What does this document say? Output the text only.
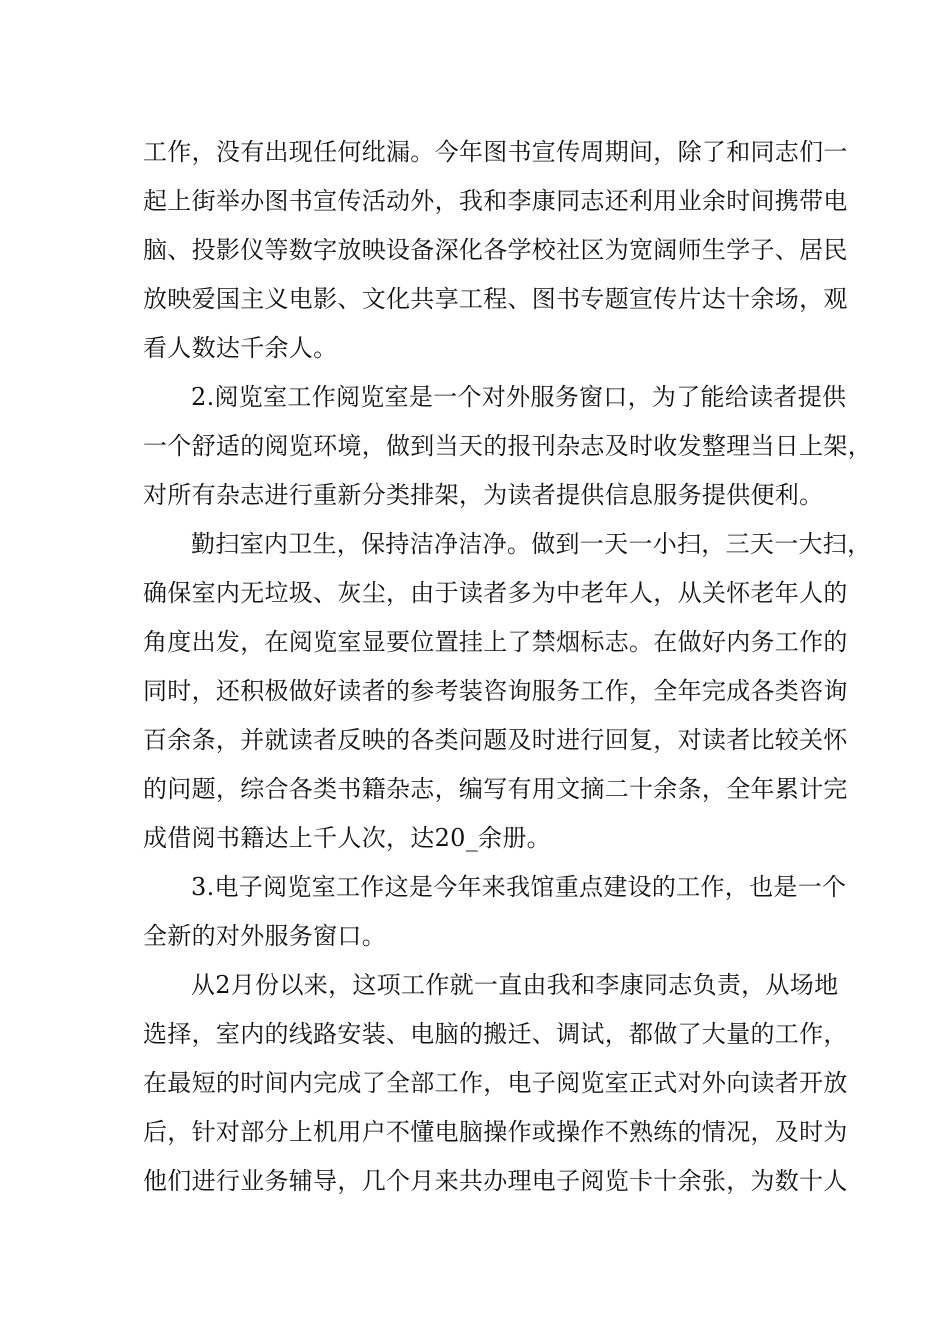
工作，没有出现任何纰漏。今年图书宣传周期间，除了和同志们一
起上街举办图书宣传活动外，我和李康同志还利用业余时间携带电
脑、投影仪等数字放映设备深化各学校社区为宽阔师生学子、居民
放映爱国主义电影、文化共享工程、图书专题宣传片达十余场，观
看人数达千余人。
2.阅览室工作阅览室是一个对外服务窗口，为了能给读者提供
一个舒适的阅览环境，做到当天的报刊杂志及时收发整理当日上架，
对所有杂志进行重新分类排架，为读者提供信息服务提供便利。
勤扫室内卫生，保持洁净洁净。做到一天一小扫，三天一大扫，
确保室内无垃圾、灰尘，由于读者多为中老年人，从关怀老年人的
角度出发，在阅览室显要位置挂上了禁烟标志。在做好内务工作的
同时，还积极做好读者的参考装咨询服务工作，全年完成各类咨询
百余条，并就读者反映的各类问题及时进行回复，对读者比较关怀
的问题，综合各类书籍杂志，编写有用文摘二十余条，全年累计完
成借阅书籍达上千人次，达20_余册。
3.电子阅览室工作这是今年来我馆重点建设的工作，也是一个
全新的对外服务窗口。
从2月份以来，这项工作就一直由我和李康同志负责，从场地
选择，室内的线路安装、电脑的搬迁、调试，都做了大量的工作，
在最短的时间内完成了全部工作，电子阅览室正式对外向读者开放
后，针对部分上机用户不懂电脑操作或操作不熟练的情况，及时为
他们进行业务辅导，几个月来共办理电子阅览卡十余张，为数十人
